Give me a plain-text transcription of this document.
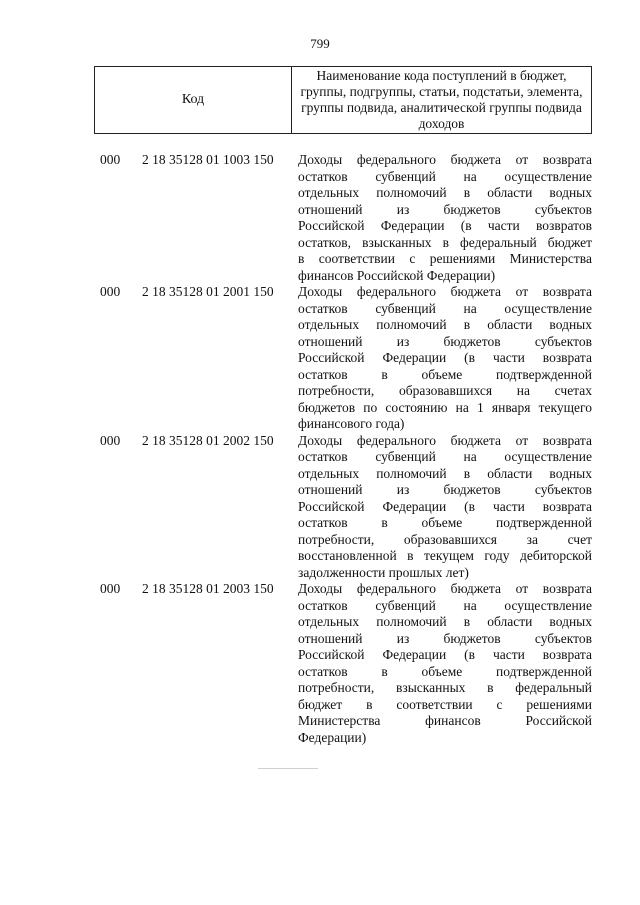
799
Код
Наименование кода поступлений в бюджет, группы, подгруппы, статьи, подстатьи, элемента, группы подвида, аналитической группы подвида доходов
000	2 18 35128 01 1003 150	Доходы федерального бюджета от возврата
остатков субвенций на осуществление
отдельных полномочий в области водных
отношений из бюджетов субъектов
Российской Федерации (в части возвратов
остатков, взысканных в федеральный бюджет
в соответствии с решениями Министерства
финансов Российской Федерации)
000	2 18 35128 01 2001 150	Доходы федерального бюджета от возврата
остатков субвенций на осуществление
отдельных полномочий в области водных
отношений из бюджетов субъектов
Российской Федерации (в части возврата
остатков в объеме подтвержденной
потребности, образовавшихся на счетах
бюджетов по состоянию на 1 января текущего
финансового года)
000	2 18 35128 01 2002 150	Доходы федерального бюджета от возврата
остатков субвенций на осуществление
отдельных полномочий в области водных
отношений из бюджетов субъектов
Российской Федерации (в части возврата
остатков в объеме подтвержденной
потребности, образовавшихся за счет
восстановленной в текущем году дебиторской
задолженности прошлых лет)
000	2 18 35128 01 2003 150	Доходы федерального бюджета от возврата
остатков субвенций на осуществление
отдельных полномочий в области водных
отношений из бюджетов субъектов
Российской Федерации (в части возврата
остатков в объеме подтвержденной
потребности, взысканных в федеральный
бюджет в соответствии с решениями
Министерства финансов Российской
Федерации)
